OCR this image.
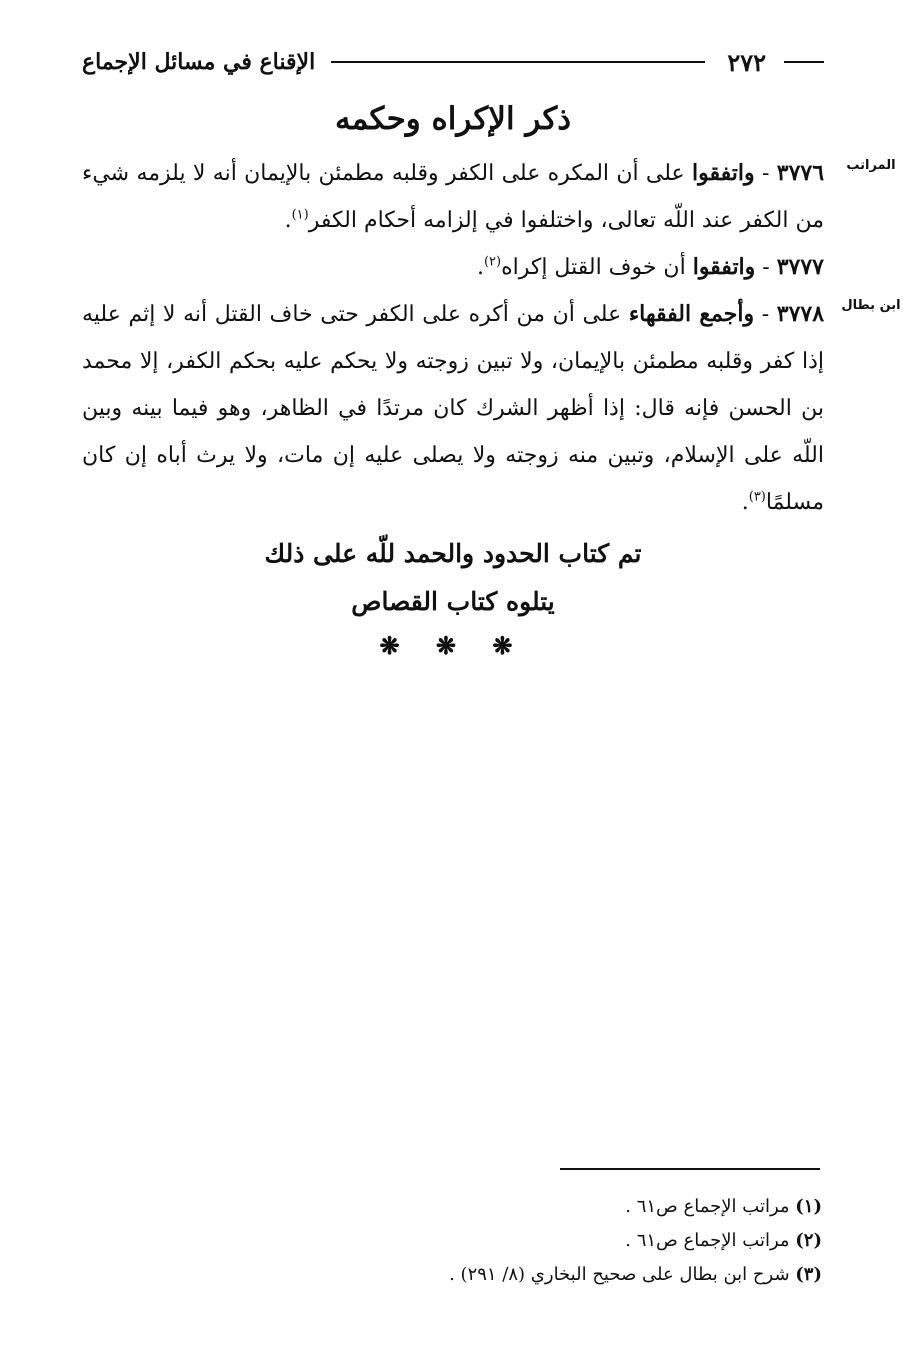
٢٧٢
الإقناع في مسائل الإجماع
ذكر الإكراه وحكمه
المراتب
ابن بطال

٣٧٧٦ - واتفقوا على أن المكره على الكفر وقلبه مطمئن بالإيمان أنه لا يلزمه شيء من الكفر عند اللّه تعالى، واختلفوا في إلزامه أحكام الكفر$^{(١)}$.

٣٧٧٧ - واتفقوا أن خوف القتل إكراه$^{(٢)}$.

٣٧٧٨ - وأجمع الفقهاء على أن من أكره على الكفر حتى خاف القتل أنه لا إثم عليه إذا كفر وقلبه مطمئن بالإيمان، ولا تبين زوجته ولا يحكم عليه بحكم الكفر، إلا محمد بن الحسن فإنه قال: إذا أظهر الشرك كان مرتدًا في الظاهر، وهو فيما بينه وبين اللّه على الإسلام، وتبين منه زوجته ولا يصلى عليه إن مات، ولا يرث أباه إن كان مسلمًا$^{(٣)}$.

تم كتاب الحدود والحمد للّه على ذلك
يتلوه كتاب القصاص
❋ ❋ ❋
(١) مراتب الإجماع ص٦١ .
(٢) مراتب الإجماع ص٦١ .
(٣) شرح ابن بطال على صحيح البخاري (٨/ ٢٩١) .
